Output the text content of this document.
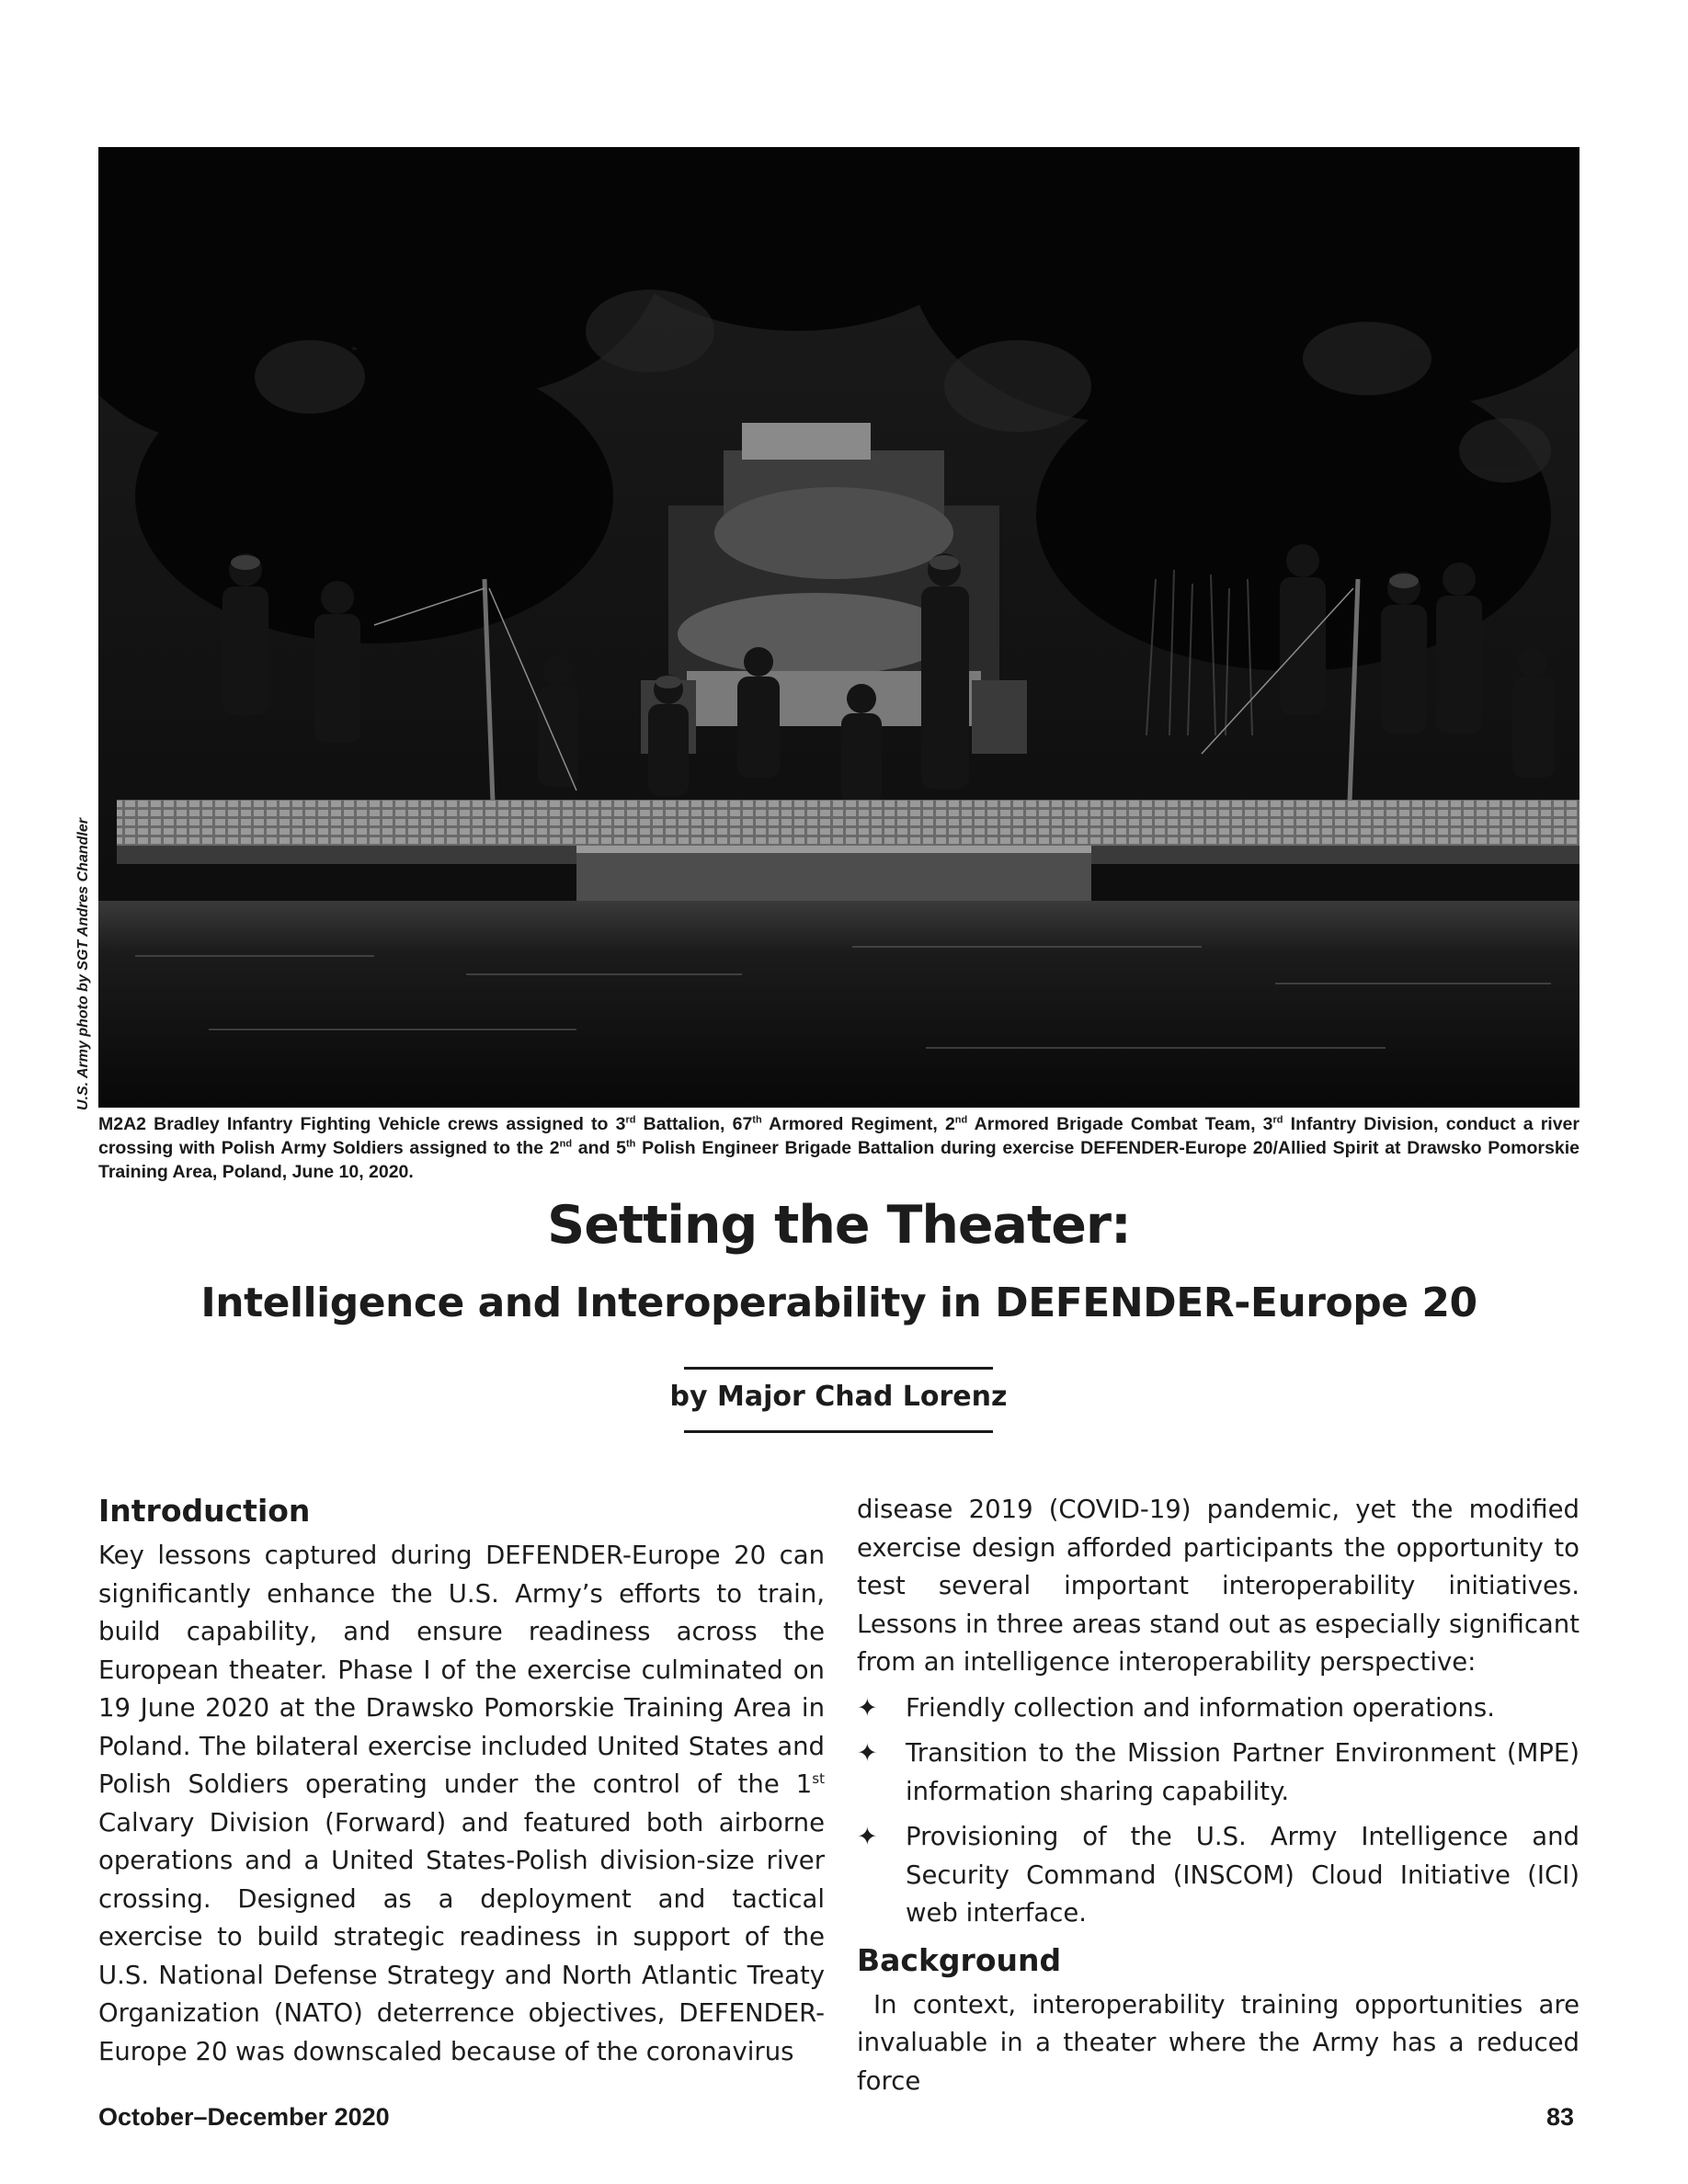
U.S. Army photo by SGT Andres Chandler
M2A2 Bradley Infantry Fighting Vehicle crews assigned to 3rd Battalion, 67th Armored Regiment, 2nd Armored Brigade Combat Team, 3rd Infantry Division, conduct a river crossing with Polish Army Soldiers assigned to the 2nd and 5th Polish Engineer Brigade Battalion during exercise DEFENDER-Europe 20/Allied Spirit at Drawsko Pomorskie Training Area, Poland, June 10, 2020.
Setting the Theater:
Intelligence and Interoperability in DEFENDER-Europe 20
by Major Chad Lorenz
Introduction

Key lessons captured during DEFENDER-Europe 20 can significantly enhance the U.S. Army’s efforts to train, build capability, and ensure readiness across the European theater. Phase I of the exercise culminated on 19 June 2020 at the Drawsko Pomorskie Training Area in Poland. The bilateral exercise included United States and Polish Soldiers operating under the control of the 1st Calvary Division (Forward) and featured both airborne operations and a United States-Polish division-size river crossing. Designed as a deployment and tactical exercise to build strategic readiness in support of the U.S. National Defense Strategy and North Atlantic Treaty Organization (NATO) deterrence objectives, DEFENDER-Europe 20 was downscaled because of the coronavirus

disease 2019 (COVID-19) pandemic, yet the modified exercise design afforded participants the opportunity to test several important interoperability initiatives. Lessons in three areas stand out as especially significant from an intelligence interoperability perspective:

✦ Friendly collection and information operations.
✦ Transition to the Mission Partner Environment (MPE) information sharing capability.
✦ Provisioning of the U.S. Army Intelligence and Security Command (INSCOM) Cloud Initiative (ICI) web interface.
Background

In context, interoperability training opportunities are invaluable in a theater where the Army has a reduced force

October–December 2020	83
